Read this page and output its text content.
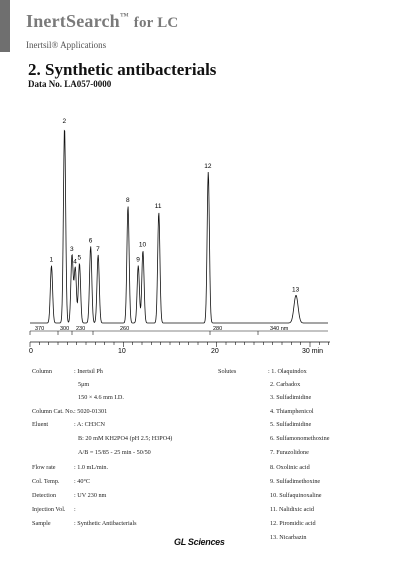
InertSearch™ for LC
Inertsil® Applications
2. Synthetic antibacterials
Data No. LA057-0000
1
2
3
4
5
6
7
8
9
10
11
12
13
370	300 230	260	280	340 nm
0	10	20	30 min
Column	: Inertsil Ph
5μm
150 × 4.6 mm I.D.
Column Cat. No. : 5020-01301
Eluent	: A: CH3CN
B: 20 mM KH2PO4 (pH 2.5; H3PO4)
A/B = 15/85 - 25 min - 50/50
Flow rate	: 1.0 mL/min.
Col. Temp. : 40°C
Detection	: UV 230 nm
Injection Vol. :
Sample	: Synthetic Antibacterials
Solutes	: 1. Olaquindox
2. Carbadox
3. Sulfadimidine
4. Thiamphenicol
5. Sulfadimidine
6. Sulfamonomethoxine
7. Furazolidone
8. Oxolinic acid
9. Sulfadimethoxine
10. Sulfaquinoxaline
11. Nalidixic acid
12. Piromidic acid
13. Nicarbazin
GL Sciences
